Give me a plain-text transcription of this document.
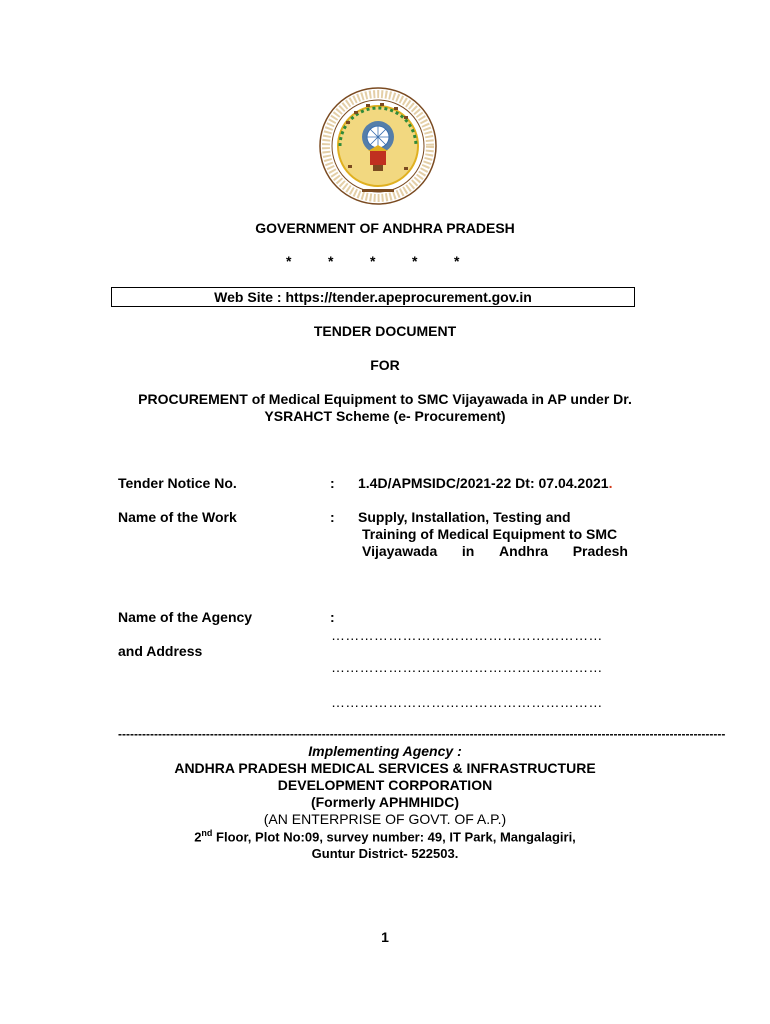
GOVERNMENT OF ANDHRA PRADESH
*	*	*	*	*
Web Site : https://tender.apeprocurement.gov.in
TENDER DOCUMENT
FOR
PROCUREMENT of Medical Equipment to SMC Vijayawada in AP under Dr.
YSRAHCT Scheme (e- Procurement)
Tender Notice No.	: 1.4D/APMSIDC/2021-22 Dt: 07.04.2021.
Name of the Work	: Supply, Installation, Testing and
Training of Medical Equipment to SMC
Vijayawada in Andhra Pradesh
Name of the Agency	:
…………………………………………………
and Address
…………………………………………………
…………………………………………………
--------------------------------------------------------------------------------------------------------------------------------------------------------
Implementing Agency :
ANDHRA PRADESH MEDICAL SERVICES & INFRASTRUCTURE
DEVELOPMENT CORPORATION
(Formerly APHMHIDC)
(AN ENTERPRISE OF GOVT. OF A.P.)
2nd Floor, Plot No:09, survey number: 49, IT Park, Mangalagiri,
Guntur District- 522503.
1
